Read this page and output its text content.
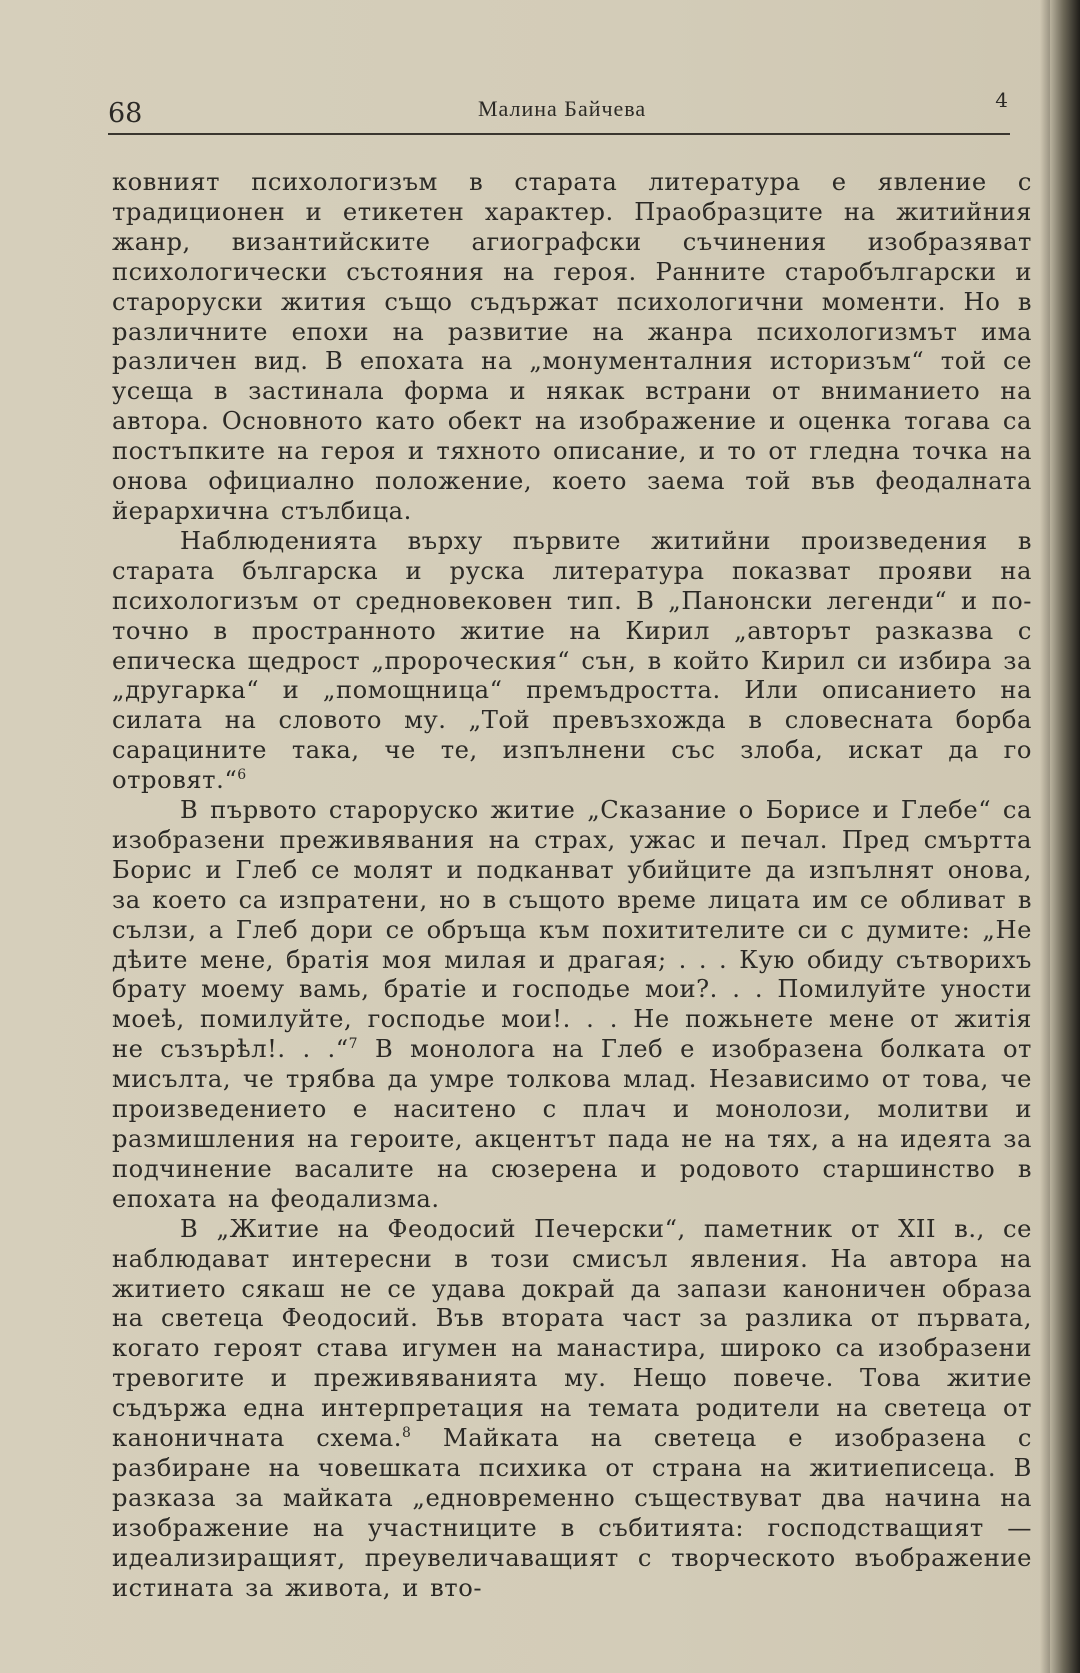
68	Малина Байчева	4

ковният психологизъм в старата литература е явление с традиционен и етикетен характер. Праобразците на житийния жанр, византийските агиографски съчинения изобразяват психологически състояния на героя. Ранните старобългарски и староруски жития също съдържат психологични моменти. Но в различните епохи на развитие на жанра психологизмът има различен вид. В епохата на „монументалния историзъм“ той се усеща в застинала форма и някак встрани от вниманието на автора. Основното като обект на изображение и оценка тогава са постъпките на героя и тяхното описание, и то от гледна точка на онова официално положение, което заема той във феодалната йерархична стълбица.

Наблюденията върху първите житийни произведения в старата българска и руска литература показват прояви на психологизъм от средновековен тип. В „Панонски легенди“ и по-точно в пространното житие на Кирил „авторът разказва с епическа щедрост „пророческия“ сън, в който Кирил си избира за „другарка“ и „помощница“ премъдростта. Или описанието на силата на словото му. „Той превъзхожда в словесната борба сарацините така, че те, изпълнени със злоба, искат да го отровят.“$^6$

В първото староруско житие „Сказание о Борисе и Глебе“ са изобразени преживявания на страх, ужас и печал. Пред смъртта Борис и Глеб се молят и подканват убийците да изпълнят онова, за което са изпратени, но в същото време лицата им се обливат в сълзи, а Глеб дори се обръща към похитителите си с думите: „Не дѣите мене, братiя моя милая и драгая; . . . Кую обиду сътворихъ брату моему вамь, братiе и господье мои?. . . Помилуйте уности моеѣ, помилуйте, господье мои!. . . Не пожьнете мене от житiя не съзърѣл!. . .“$^7$ В монолога на Глеб е изобразена болката от мисълта, че трябва да умре толкова млад. Независимо от това, че произведението е наситено с плач и монолози, молитви и размишления на героите, акцентът пада не на тях, а на идеята за подчинение васалите на сюзерена и родовото старшинство в епохата на феодализма.

В „Житие на Феодосий Печерски“, паметник от XII в., се наблюдават интересни в този смисъл явления. На автора на житието сякаш не се удава докрай да запази каноничен образа на светеца Феодосий. Във втората част за разлика от първата, когато героят става игумен на манастира, широко са изобразени тревогите и преживяванията му. Нещо повече. Това житие съдържа една интерпретация на темата родители на светеца от каноничната схема.$^8$ Майката на светеца е изобразена с разбиране на човешката психика от страна на житиеписеца. В разказа за майката „едновременно съществуват два начина на изображение на участниците в събитията: господстващият — идеализиращият, преувеличаващият с творческото въображение истината за живота, и вто-
